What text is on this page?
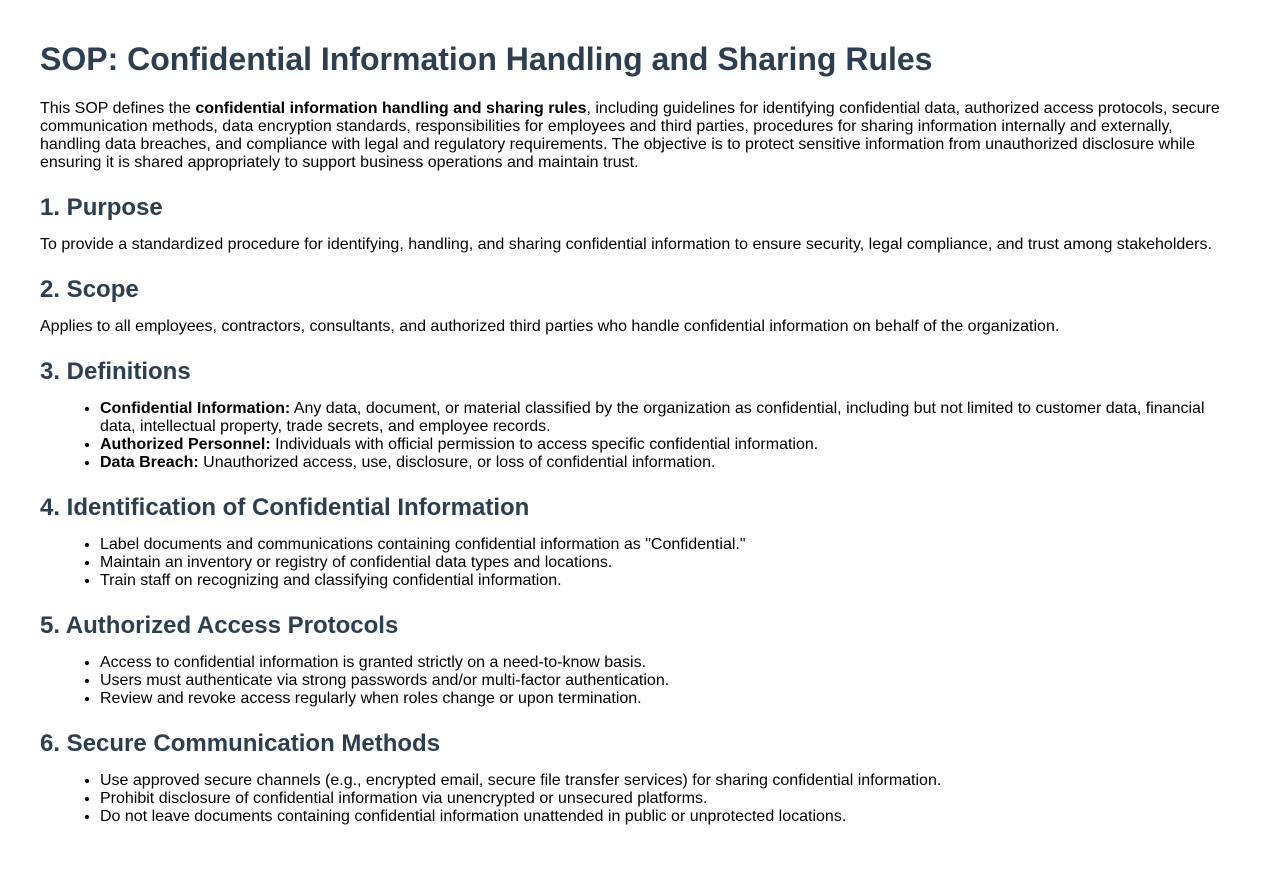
SOP: Confidential Information Handling and Sharing Rules

This SOP defines the confidential information handling and sharing rules, including guidelines for identifying confidential data, authorized access protocols, secure communication methods, data encryption standards, responsibilities for employees and third parties, procedures for sharing information internally and externally, handling data breaches, and compliance with legal and regulatory requirements. The objective is to protect sensitive information from unauthorized disclosure while ensuring it is shared appropriately to support business operations and maintain trust.

1. Purpose

To provide a standardized procedure for identifying, handling, and sharing confidential information to ensure security, legal compliance, and trust among stakeholders.

2. Scope

Applies to all employees, contractors, consultants, and authorized third parties who handle confidential information on behalf of the organization.

3. Definitions
• Confidential Information: Any data, document, or material classified by the organization as confidential, including but not limited to customer data, financial data, intellectual property, trade secrets, and employee records.
• Authorized Personnel: Individuals with official permission to access specific confidential information.
• Data Breach: Unauthorized access, use, disclosure, or loss of confidential information.
4. Identification of Confidential Information
• Label documents and communications containing confidential information as "Confidential."
• Maintain an inventory or registry of confidential data types and locations.
• Train staff on recognizing and classifying confidential information.
5. Authorized Access Protocols
• Access to confidential information is granted strictly on a need-to-know basis.
• Users must authenticate via strong passwords and/or multi-factor authentication.
• Review and revoke access regularly when roles change or upon termination.
6. Secure Communication Methods
• Use approved secure channels (e.g., encrypted email, secure file transfer services) for sharing confidential information.
• Prohibit disclosure of confidential information via unencrypted or unsecured platforms.
• Do not leave documents containing confidential information unattended in public or unprotected locations.
